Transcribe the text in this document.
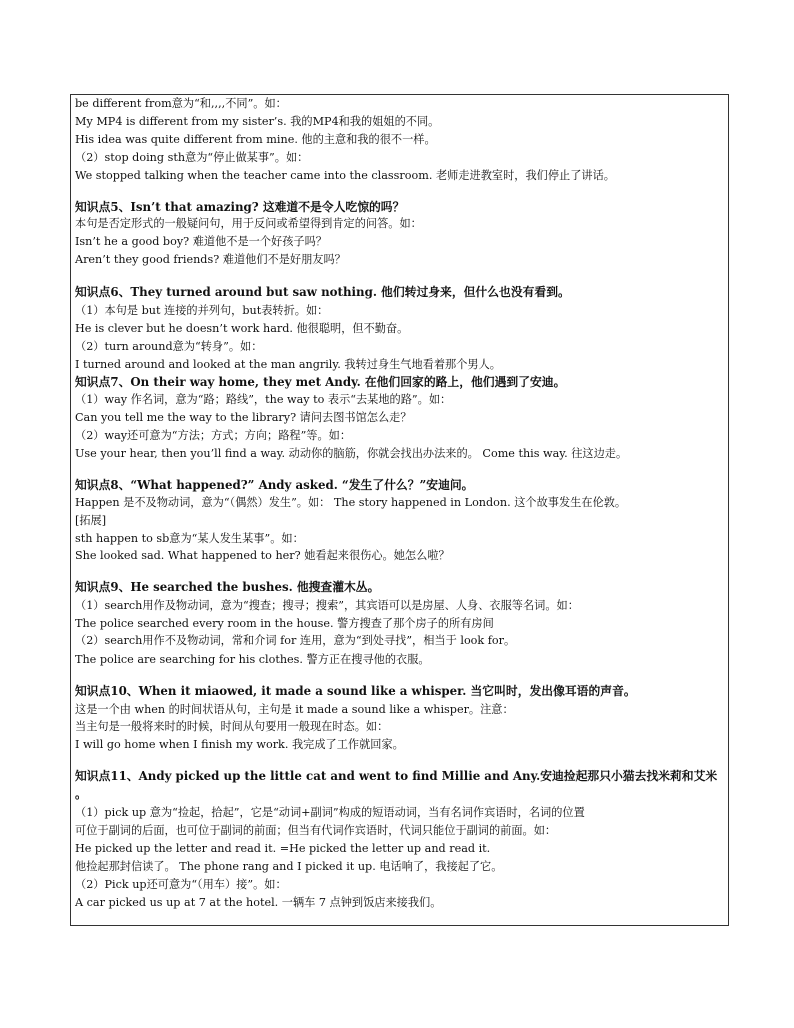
be different from意为“和,,,,不同”。如：
My MP4 is different from my sister’s. 我的MP4和我的姐姐的不同。
His idea was quite different from mine. 他的主意和我的很不一样。
（2）stop doing sth意为“停止做某事”。如：
We stopped talking when the teacher came into the classroom. 老师走进教室时，我们停止了讲话。
知识点5、Isn’t that amazing? 这难道不是令人吃惊的吗？
本句是否定形式的一般疑问句，用于反问或希望得到肯定的问答。如：
Isn’t he a good boy? 难道他不是一个好孩子吗？
Aren’t they good friends? 难道他们不是好朋友吗？
知识点6、They turned around but saw nothing. 他们转过身来，但什么也没有看到。
（1）本句是 but 连接的并列句，but表转折。如：
He is clever but he doesn’t work hard. 他很聪明，但不勤奋。
（2）turn around意为“转身”。如：
I turned around and looked at the man angrily. 我转过身生气地看着那个男人。
知识点7、On their way home, they met Andy. 在他们回家的路上，他们遇到了安迪。
（1）way 作名词，意为“路；路线”，the way to 表示“去某地的路”。如：
Can you tell me the way to the library? 请问去图书馆怎么走？
（2）way还可意为“方法；方式；方向；路程”等。如：
Use your hear, then you’ll find a way. 动动你的脑筋，你就会找出办法来的。 Come this way. 往这边走。
知识点8、“What happened?” Andy asked. “发生了什么？”安迪问。
Happen 是不及物动词，意为“（偶然）发生”。如： The story happened in London. 这个故事发生在伦敦。
[拓展]
sth happen to sb意为“某人发生某事”。如：
She looked sad. What happened to her? 她看起来很伤心。她怎么啦？
知识点9、He searched the bushes. 他搜查灌木丛。
（1）search用作及物动词，意为“搜查；搜寻；搜索”，其宾语可以是房屋、人身、衣服等名词。如：
The police searched every room in the house. 警方搜查了那个房子的所有房间
（2）search用作不及物动词，常和介词 for 连用，意为“到处寻找”，相当于 look for。
The police are searching for his clothes. 警方正在搜寻他的衣服。
知识点10、When it miaowed, it made a sound like a whisper. 当它叫时，发出像耳语的声音。
这是一个由 when 的时间状语从句，主句是 it made a sound like a whisper。注意：
当主句是一般将来时的时候，时间从句要用一般现在时态。如：
I will go home when I finish my work. 我完成了工作就回家。
知识点11、Andy picked up the little cat and went to find Millie and Any.安迪捡起那只小猫去找米莉和艾米
。
（1）pick up 意为“捡起，拾起”，它是“动词+副词”构成的短语动词，当有名词作宾语时，名词的位置
可位于副词的后面，也可位于副词的前面；但当有代词作宾语时，代词只能位于副词的前面。如：
He picked up the letter and read it. =He picked the letter up and read it.
他捡起那封信读了。 The phone rang and I picked it up. 电话响了，我接起了它。
（2）Pick up还可意为“（用车）接”。如：
A car picked us up at 7 at the hotel. 一辆车 7 点钟到饭店来接我们。
